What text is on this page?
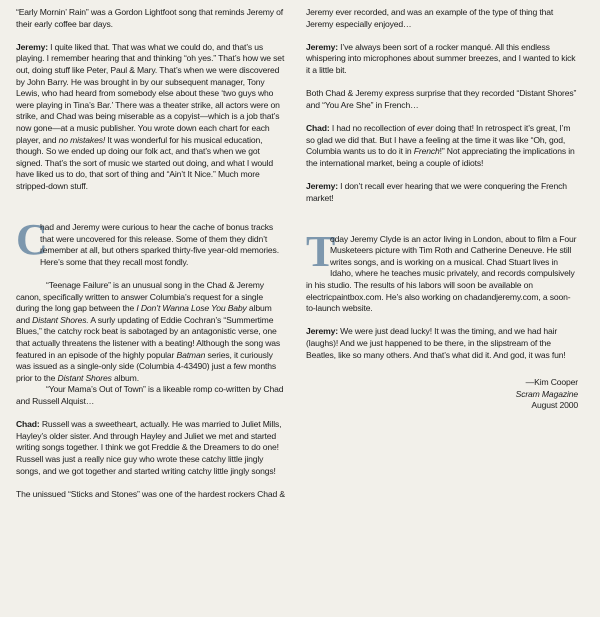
“Early Mornin’ Rain” was a Gordon Lightfoot song that reminds Jeremy of their early coffee bar days.

Jeremy: I quite liked that. That was what we could do, and that’s us playing. I remember hearing that and thinking “oh yes.” That’s how we set out, doing stuff like Peter, Paul & Mary. That’s when we were discovered by John Barry. He was brought in by our subsequent manager, Tony Lewis, who had heard from somebody else about these ‘two guys who were playing in Tina’s Bar.’ There was a theater strike, all actors were on strike, and Chad was being miserable as a copyist—which is a job that’s now gone—at a music publisher. You wrote down each chart for each player, and no mistakes! It was wonderful for his musical education, though. So we ended up doing our folk act, and that’s when we got signed. That’s the sort of music we started out doing, and what I would have liked us to do, that sort of thing and “Ain’t It Nice.” Much more stripped-down stuff.

C
had and Jeremy were curious to hear the cache of bonus tracks that were uncovered for this release. Some of them they didn’t remember at all, but others sparked thirty-five year-old memories. Here’s some that they recall most fondly.

“Teenage Failure” is an unusual song in the Chad & Jeremy canon, specifically written to answer Columbia’s request for a single during the long gap between the I Don’t Wanna Lose You Baby album and Distant Shores. A surly updating of Eddie Cochran’s “Summertime Blues,” the catchy rock beat is sabotaged by an antagonistic verse, one that actually threatens the listener with a beating! Although the song was featured in an episode of the highly popular Batman series, it curiously was issued as a single-only side (Columbia 4-43490) just a few months prior to the Distant Shores album.

“Your Mama’s Out of Town” is a likeable romp co-written by Chad and Russell Alquist…

Chad: Russell was a sweetheart, actually. He was married to Juliet Mills, Hayley’s older sister. And through Hayley and Juliet we met and started writing songs together. I think we got Freddie & the Dreamers to do one! Russell was just a really nice guy who wrote these catchy little jingly songs, and we got together and started writing catchy little jingly songs!

The unissued “Sticks and Stones” was one of the hardest rockers Chad &

Jeremy ever recorded, and was an example of the type of thing that Jeremy especially enjoyed…

Jeremy: I’ve always been sort of a rocker manqué. All this endless whispering into microphones about summer breezes, and I wanted to kick it a little bit.

Both Chad & Jeremy express surprise that they recorded “Distant Shores” and “You Are She” in French…

Chad: I had no recollection of ever doing that! In retrospect it’s great, I’m so glad we did that. But I have a feeling at the time it was like “Oh, god, Columbia wants us to do it in French!” Not appreciating the implications in the international market, being a couple of idiots!

Jeremy: I don’t recall ever hearing that we were conquering the French market!

T
oday Jeremy Clyde is an actor living in London, about to film a Four Musketeers picture with Tim Roth and Catherine Deneuve. He still writes songs, and is working on a musical. Chad Stuart lives in Idaho, where he teaches music privately, and records compulsively in his studio. The results of his labors will soon be available on electricpaintbox.com. He’s also working on chadandjeremy.com, a soon-to-launch website.

Jeremy: We were just dead lucky! It was the timing, and we had hair (laughs)! And we just happened to be there, in the slipstream of the Beatles, like so many others. And that’s what did it. And god, it was fun!

—Kim Cooper
Scram Magazine
August 2000
